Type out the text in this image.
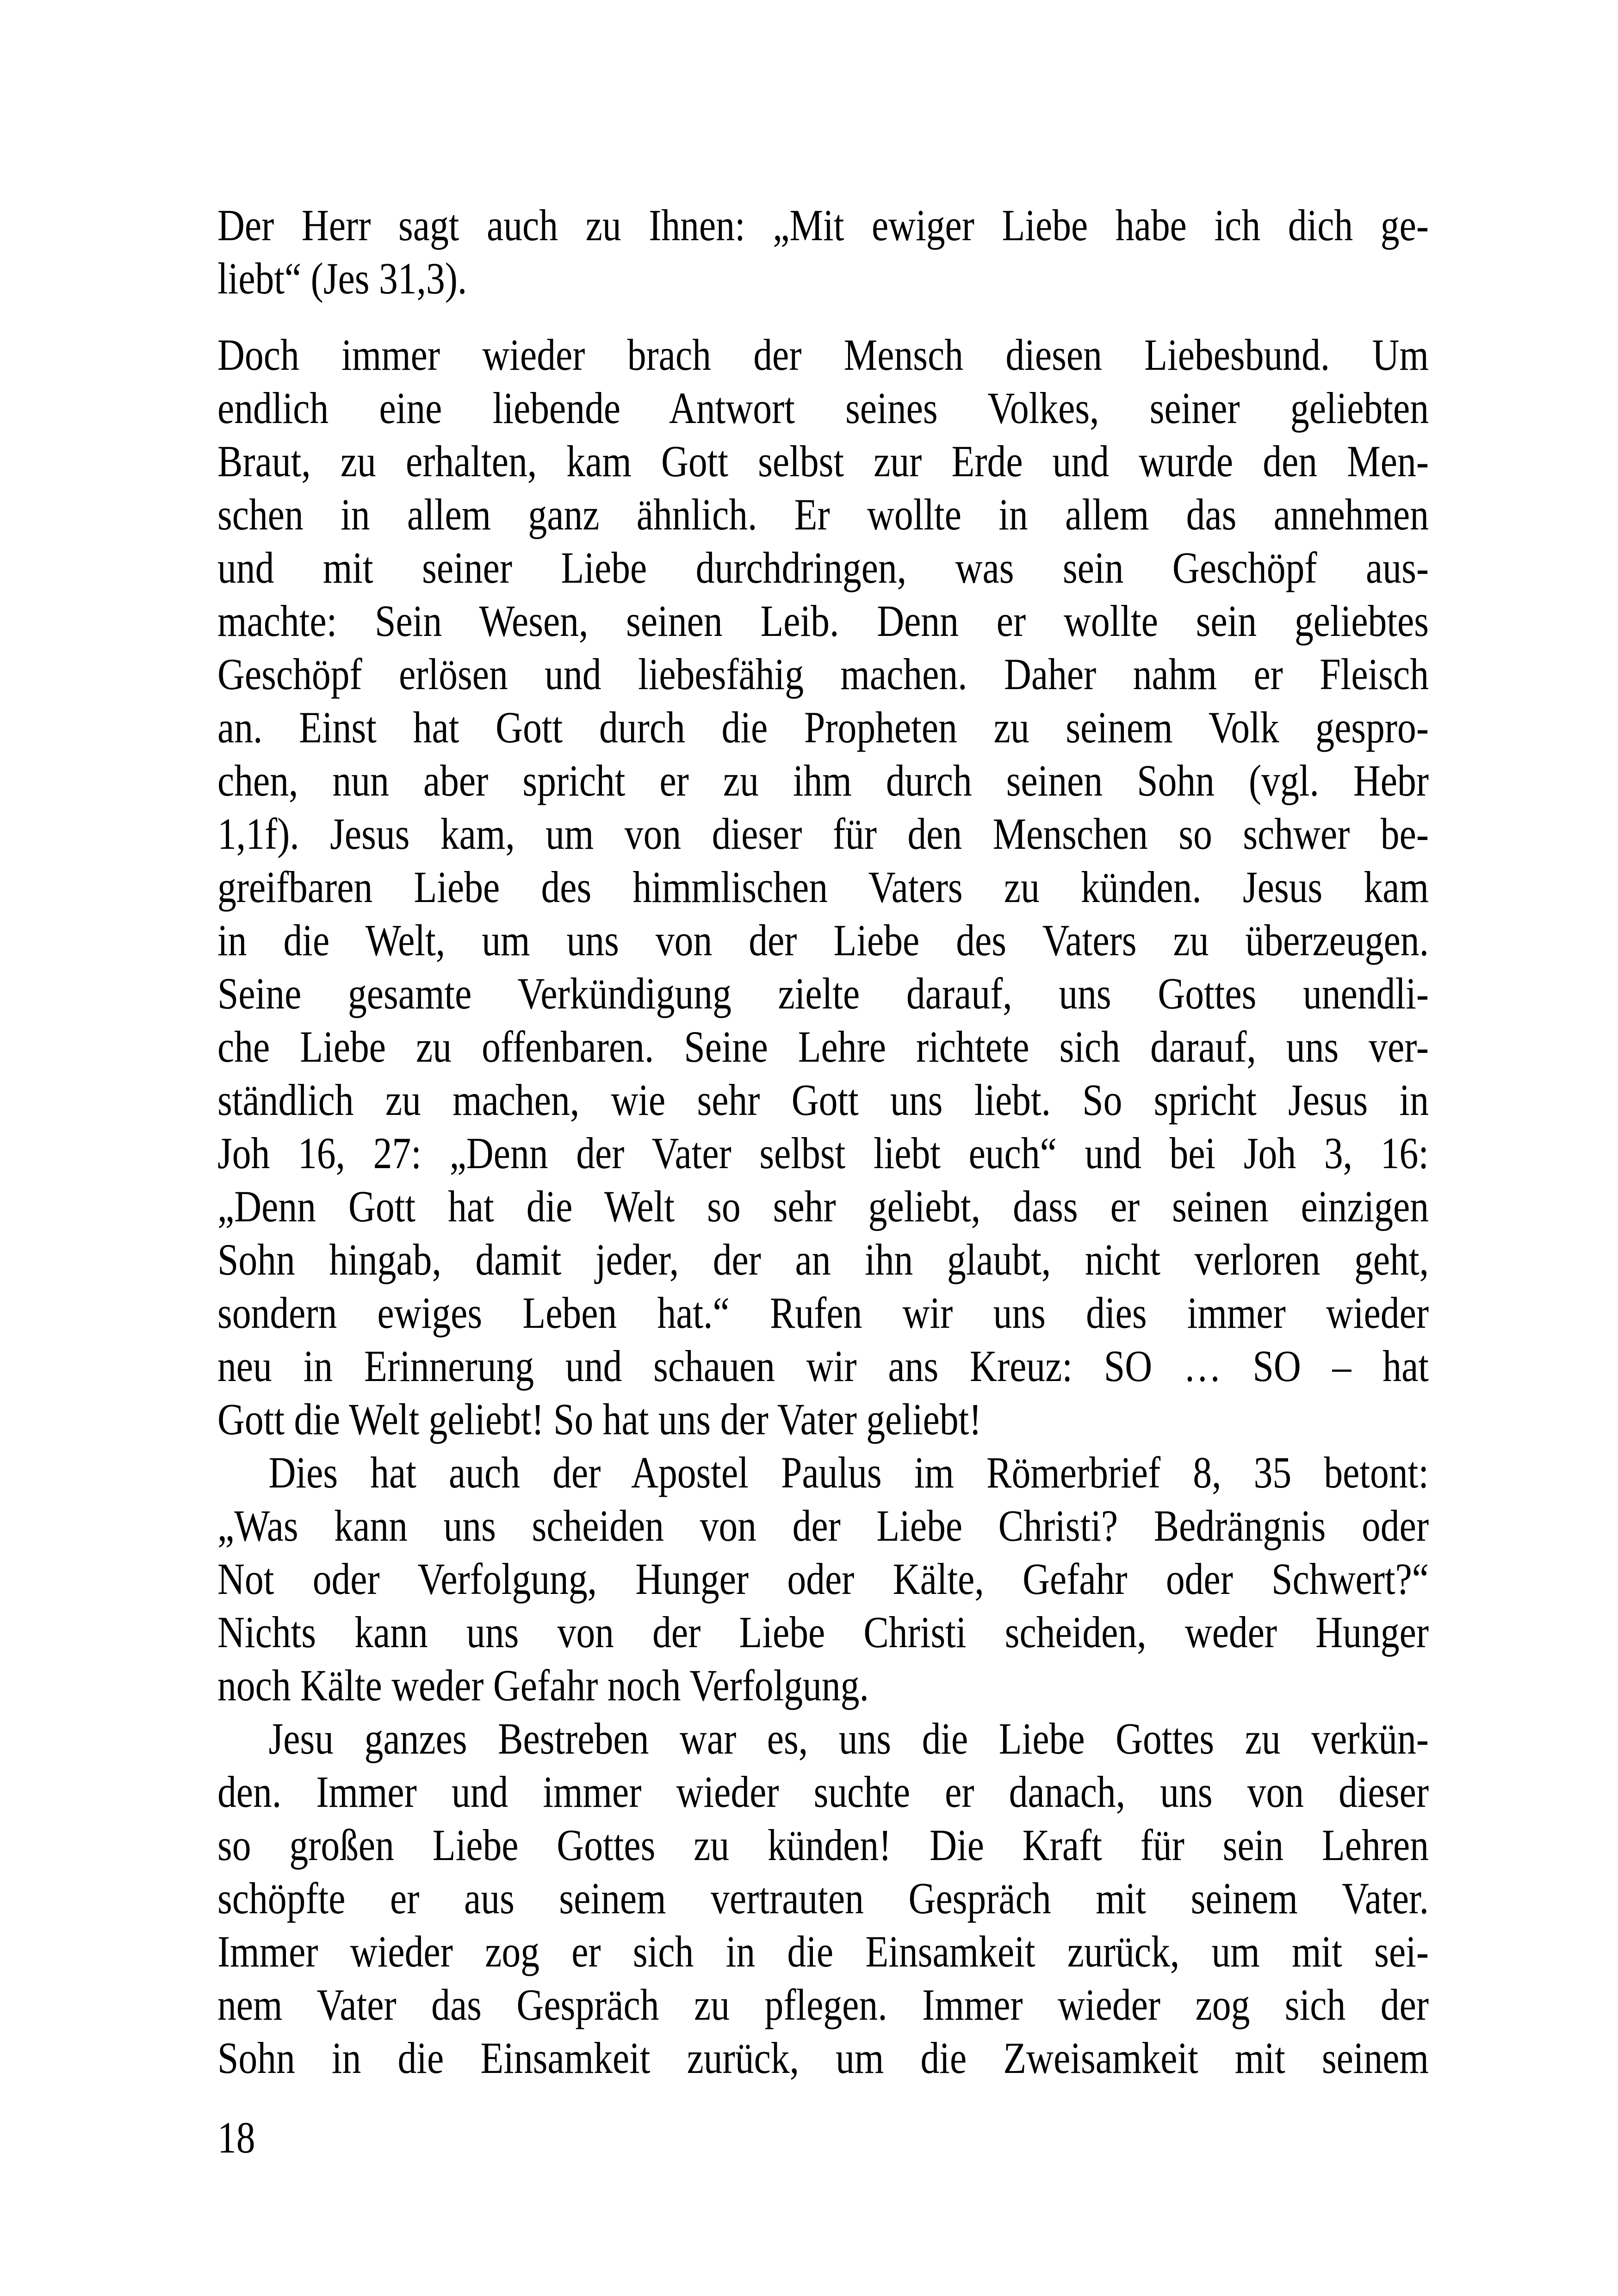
Der Herr sagt auch zu Ihnen: „Mit ewiger Liebe habe ich dich ge-

liebt“ (Jes 31,3).

Doch immer wieder brach der Mensch diesen Liebesbund. Um

endlich eine liebende Antwort seines Volkes, seiner geliebten

Braut, zu erhalten, kam Gott selbst zur Erde und wurde den Men-

schen in allem ganz ähnlich. Er wollte in allem das annehmen

und mit seiner Liebe durchdringen, was sein Geschöpf aus-

machte: Sein Wesen, seinen Leib. Denn er wollte sein geliebtes

Geschöpf erlösen und liebesfähig machen. Daher nahm er Fleisch

an. Einst hat Gott durch die Propheten zu seinem Volk gespro-

chen, nun aber spricht er zu ihm durch seinen Sohn (vgl. Hebr

1,1f). Jesus kam, um von dieser für den Menschen so schwer be-

greifbaren Liebe des himmlischen Vaters zu künden. Jesus kam

in die Welt, um uns von der Liebe des Vaters zu überzeugen.

Seine gesamte Verkündigung zielte darauf, uns Gottes unendli-

che Liebe zu offenbaren. Seine Lehre richtete sich darauf, uns ver-

ständlich zu machen, wie sehr Gott uns liebt. So spricht Jesus in

Joh 16, 27: „Denn der Vater selbst liebt euch“ und bei Joh 3, 16:

„Denn Gott hat die Welt so sehr geliebt, dass er seinen einzigen

Sohn hingab, damit jeder, der an ihn glaubt, nicht verloren geht,

sondern ewiges Leben hat.“ Rufen wir uns dies immer wieder

neu in Erinnerung und schauen wir ans Kreuz: SO … SO – hat

Gott die Welt geliebt! So hat uns der Vater geliebt!

Dies hat auch der Apostel Paulus im Römerbrief 8, 35 betont:

„Was kann uns scheiden von der Liebe Christi? Bedrängnis oder

Not oder Verfolgung, Hunger oder Kälte, Gefahr oder Schwert?“

Nichts kann uns von der Liebe Christi scheiden, weder Hunger

noch Kälte weder Gefahr noch Verfolgung.

Jesu ganzes Bestreben war es, uns die Liebe Gottes zu verkün-

den. Immer und immer wieder suchte er danach, uns von dieser

so großen Liebe Gottes zu künden! Die Kraft für sein Lehren

schöpfte er aus seinem vertrauten Gespräch mit seinem Vater.

Immer wieder zog er sich in die Einsamkeit zurück, um mit sei-

nem Vater das Gespräch zu pflegen. Immer wieder zog sich der

Sohn in die Einsamkeit zurück, um die Zweisamkeit mit seinem

18
